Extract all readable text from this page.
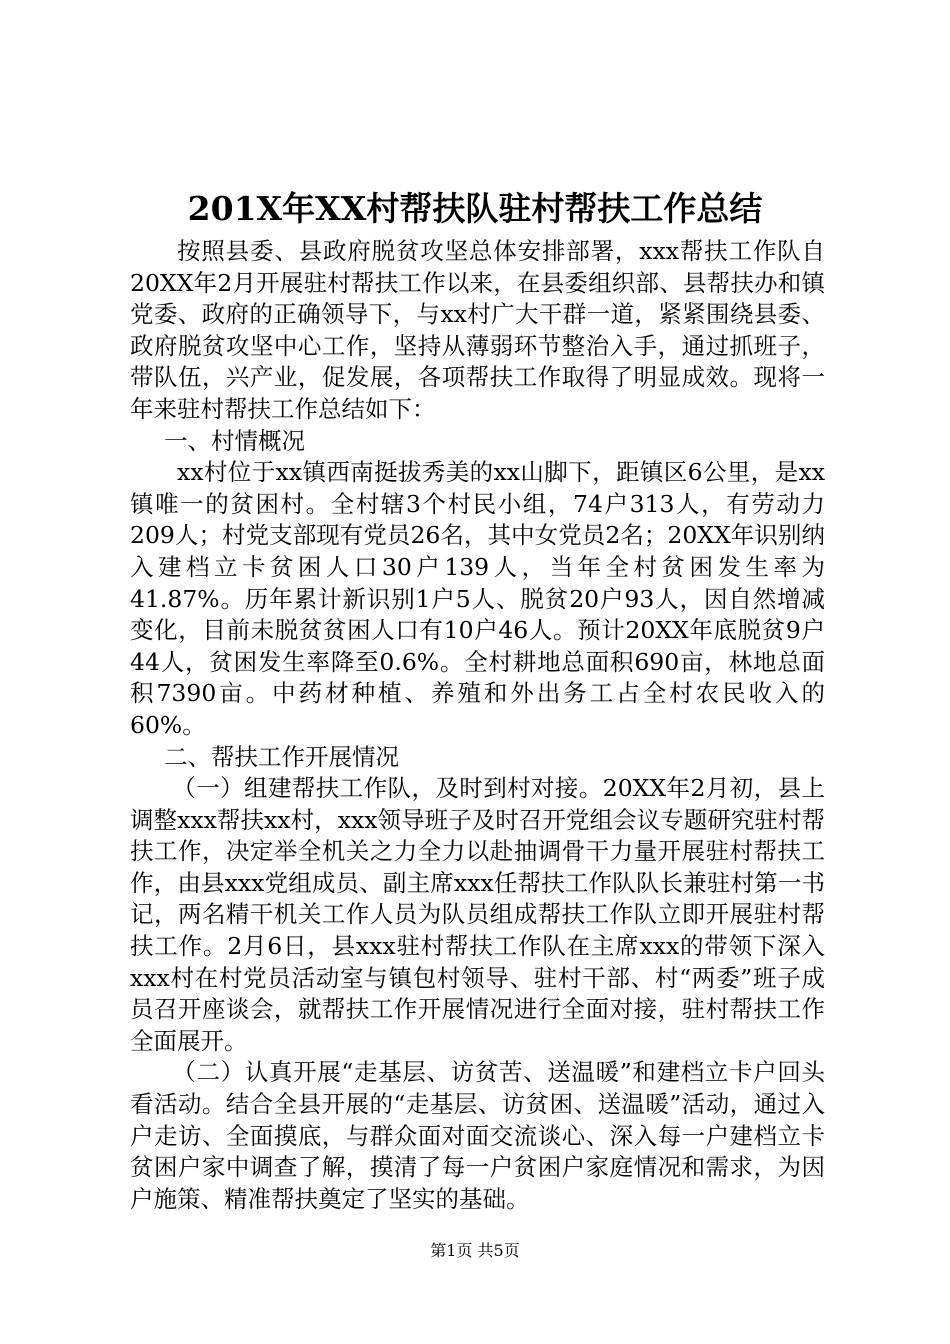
201X年XX村帮扶队驻村帮扶工作总结

按照县委、县政府脱贫攻坚总体安排部署，xxx帮扶工作队自20XX年2月开展驻村帮扶工作以来，在县委组织部、县帮扶办和镇党委、政府的正确领导下，与xx村广大干群一道，紧紧围绕县委、政府脱贫攻坚中心工作，坚持从薄弱环节整治入手，通过抓班子，带队伍，兴产业，促发展，各项帮扶工作取得了明显成效。现将一年来驻村帮扶工作总结如下：

一、村情概况

xx村位于xx镇西南挺拔秀美的xx山脚下，距镇区6公里，是xx镇唯一的贫困村。全村辖3个村民小组，74户313人，有劳动力209人；村党支部现有党员26名，其中女党员2名；20XX年识别纳入建档立卡贫困人口30户139人，当年全村贫困发生率为41.87%。历年累计新识别1户5人、脱贫20户93人，因自然增减变化，目前未脱贫贫困人口有10户46人。预计20XX年底脱贫9户44人，贫困发生率降至0.6%。全村耕地总面积690亩，林地总面积7390亩。中药材种植、养殖和外出务工占全村农民收入的60%。

二、帮扶工作开展情况

（一）组建帮扶工作队，及时到村对接。20XX年2月初，县上调整xxx帮扶xx村，xxx领导班子及时召开党组会议专题研究驻村帮扶工作，决定举全机关之力全力以赴抽调骨干力量开展驻村帮扶工作，由县xxx党组成员、副主席xxx任帮扶工作队队长兼驻村第一书记，两名精干机关工作人员为队员组成帮扶工作队立即开展驻村帮扶工作。2月6日，县xxx驻村帮扶工作队在主席xxx的带领下深入xxx村在村党员活动室与镇包村领导、驻村干部、村“两委”班子成员召开座谈会，就帮扶工作开展情况进行全面对接，驻村帮扶工作全面展开。

（二）认真开展“走基层、访贫苦、送温暖”和建档立卡户回头看活动。结合全县开展的“走基层、访贫困、送温暖”活动，通过入户走访、全面摸底，与群众面对面交流谈心、深入每一户建档立卡贫困户家中调查了解，摸清了每一户贫困户家庭情况和需求，为因户施策、精准帮扶奠定了坚实的基础。

第1页 共5页
